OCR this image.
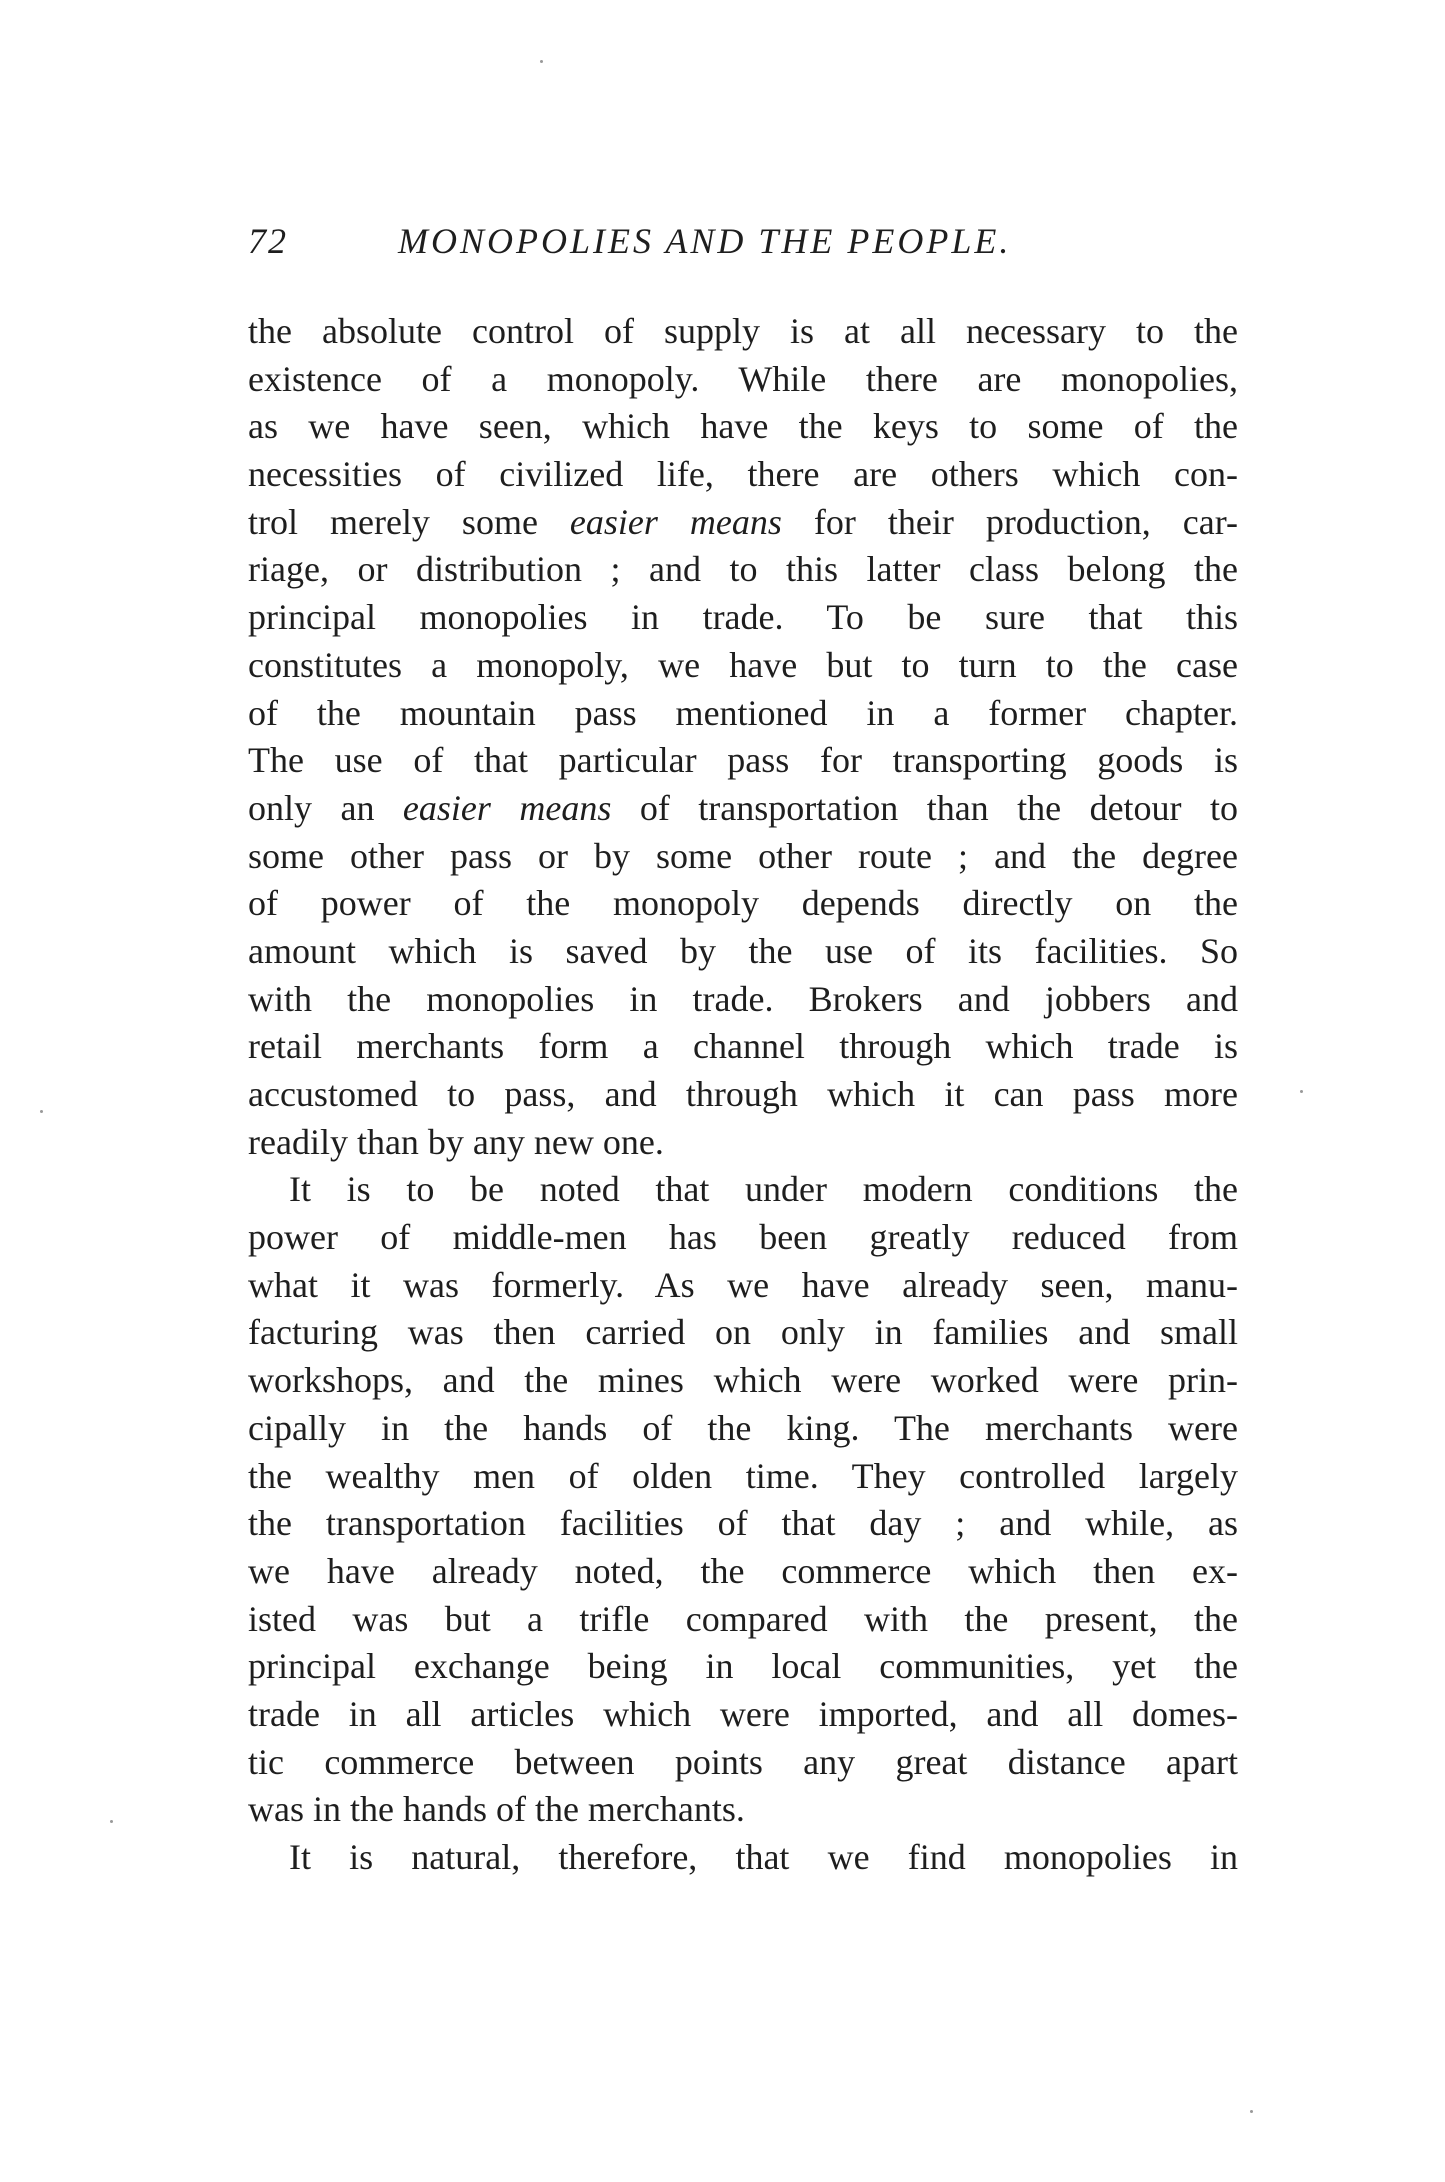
72	MONOPOLIES AND THE PEOPLE.
the absolute control of supply is at all necessary to the
existence of a monopoly. While there are monopolies,
as we have seen, which have the keys to some of the
necessities of civilized life, there are others which con-
trol merely some easier means for their production, car-
riage, or distribution ; and to this latter class belong the
principal monopolies in trade. To be sure that this
constitutes a monopoly, we have but to turn to the case
of the mountain pass mentioned in a former chapter.
The use of that particular pass for transporting goods is
only an easier means of transportation than the detour to
some other pass or by some other route ; and the degree
of power of the monopoly depends directly on the
amount which is saved by the use of its facilities. So
with the monopolies in trade. Brokers and jobbers and
retail merchants form a channel through which trade is
accustomed to pass, and through which it can pass more
readily than by any new one.
It is to be noted that under modern conditions the
power of middle-men has been greatly reduced from
what it was formerly. As we have already seen, manu-
facturing was then carried on only in families and small
workshops, and the mines which were worked were prin-
cipally in the hands of the king. The merchants were
the wealthy men of olden time. They controlled largely
the transportation facilities of that day ; and while, as
we have already noted, the commerce which then ex-
isted was but a trifle compared with the present, the
principal exchange being in local communities, yet the
trade in all articles which were imported, and all domes-
tic commerce between points any great distance apart
was in the hands of the merchants.
It is natural, therefore, that we find monopolies in
